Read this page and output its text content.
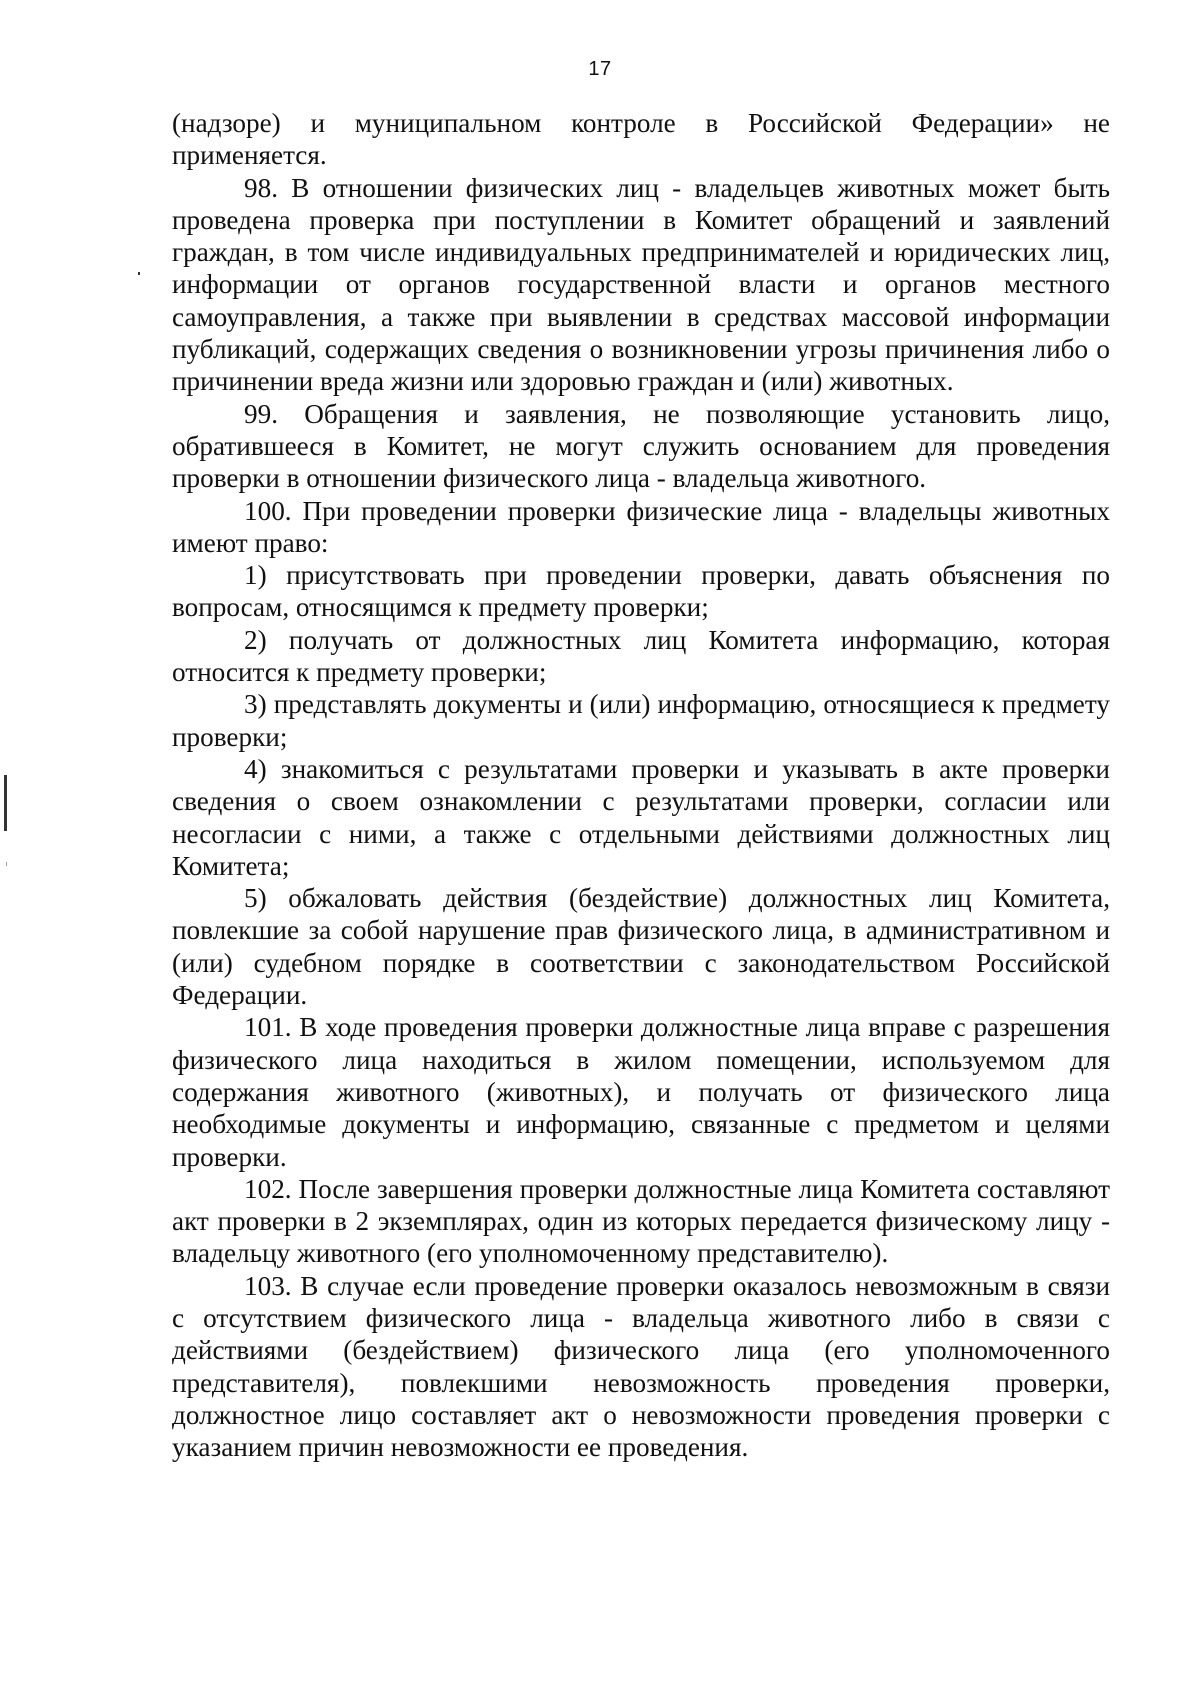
17

(надзоре) и муниципальном контроле в Российской Федерации» не применяется.

98. В отношении физических лиц - владельцев животных может быть проведена проверка при поступлении в Комитет обращений и заявлений граждан, в том числе индивидуальных предпринимателей и юридических лиц, информации от органов государственной власти и органов местного самоуправления, а также при выявлении в средствах массовой информации публикаций, содержащих сведения о возникновении угрозы причинения либо о причинении вреда жизни или здоровью граждан и (или) животных.

99. Обращения и заявления, не позволяющие установить лицо, обратившееся в Комитет, не могут служить основанием для проведения проверки в отношении физического лица - владельца животного.

100. При проведении проверки физические лица - владельцы животных имеют право:

1) присутствовать при проведении проверки, давать объяснения по вопросам, относящимся к предмету проверки;

2) получать от должностных лиц Комитета информацию, которая относится к предмету проверки;

3) представлять документы и (или) информацию, относящиеся к предмету проверки;

4) знакомиться с результатами проверки и указывать в акте проверки сведения о своем ознакомлении с результатами проверки, согласии или несогласии с ними, а также с отдельными действиями должностных лиц Комитета;

5) обжаловать действия (бездействие) должностных лиц Комитета, повлекшие за собой нарушение прав физического лица, в административном и (или) судебном порядке в соответствии с законодательством Российской Федерации.

101. В ходе проведения проверки должностные лица вправе с разрешения физического лица находиться в жилом помещении, используемом для содержания животного (животных), и получать от физического лица необходимые документы и информацию, связанные с предметом и целями проверки.

102. После завершения проверки должностные лица Комитета составляют акт проверки в 2 экземплярах, один из которых передается физическому лицу - владельцу животного (его уполномоченному представителю).

103. В случае если проведение проверки оказалось невозможным в связи с отсутствием физического лица - владельца животного либо в связи с действиями (бездействием) физического лица (его уполномоченного представителя), повлекшими невозможность проведения проверки, должностное лицо составляет акт о невозможности проведения проверки с указанием причин невозможности ее проведения.
